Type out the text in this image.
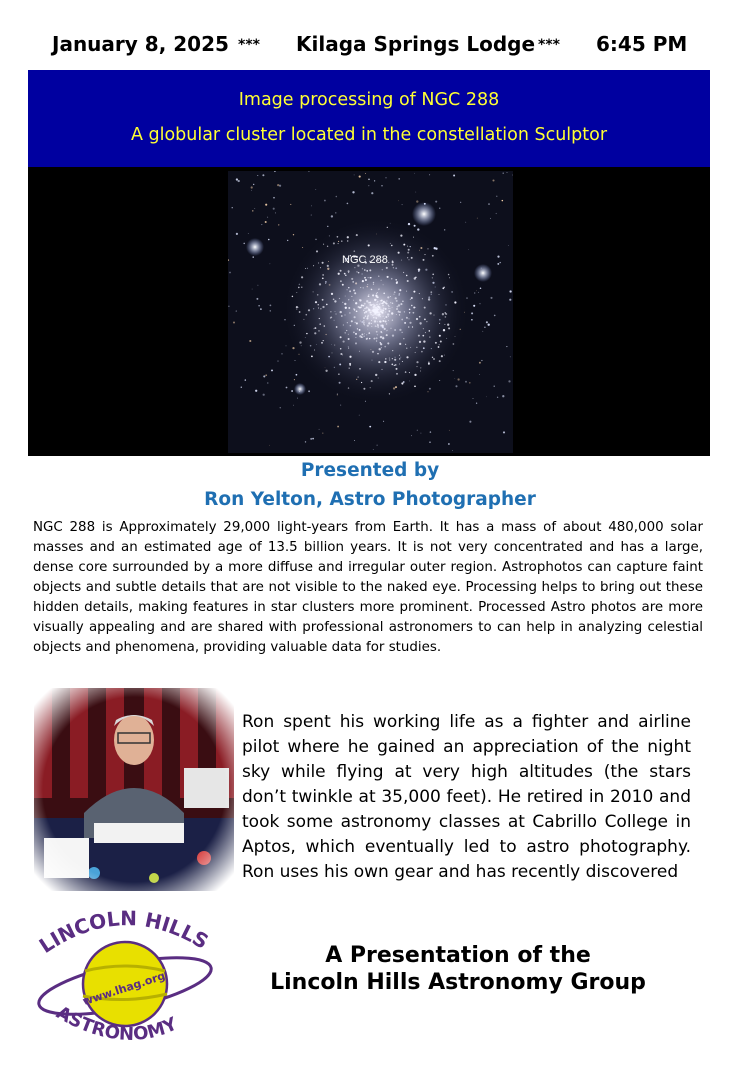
January 8, 2025 *** Kilaga Springs Lodge *** 6:45 PM
Image processing of NGC 288
A globular cluster located in the constellation Sculptor
NGC 288
Presented by
Ron Yelton, Astro Photographer
NGC 288 is Approximately 29,000 light-years from Earth. It has a mass of about 480,000 solar masses and an estimated age of 13.5 billion years. It is not very concentrated and has a large, dense core surrounded by a more diffuse and irregular outer region. Astrophotos can capture faint objects and subtle details that are not visible to the naked eye. Processing helps to bring out these hidden details, making features in star clusters more prominent. Processed Astro photos are more visually appealing and are shared with professional astronomers to can help in analyzing celestial objects and phenomena, providing valuable data for studies.
Ron spent his working life as a fighter and airline pilot where he gained an appreciation of the night sky while flying at very high altitudes (the stars don’t twinkle at 35,000 feet). He retired in 2010 and took some astronomy classes at Cabrillo College in Aptos, which eventually led to astro photography. Ron uses his own gear and has recently discovered
LINCOLN HILLS
www.lhag.org
ASTRONOMY
A Presentation of the
Lincoln Hills Astronomy Group
